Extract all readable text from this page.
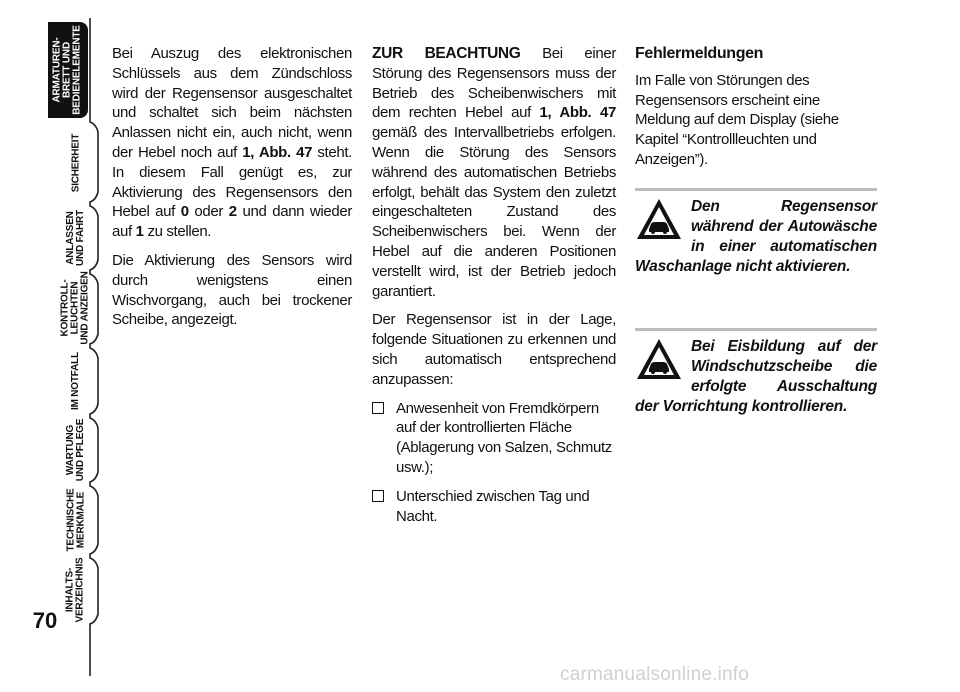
ARMATUREN-
BRETT UND
BEDIENELEMENTE
SICHERHEIT
ANLASSEN
UND FAHRT
KONTROLL-
LEUCHTEN
UND ANZEIGEN
IM NOTFALL
WARTUNG
UND PFLEGE
TECHNISCHE
MERKMALE
INHALTS-
VERZEICHNIS
70

Bei Auszug des elektronischen Schlüssels aus dem Zündschloss wird der Regensensor ausgeschaltet und schaltet sich beim nächsten Anlassen nicht ein, auch nicht, wenn der Hebel noch auf 1, Abb. 47 steht. In diesem Fall genügt es, zur Aktivierung des Regensensors den Hebel auf 0 oder 2 und dann wieder auf 1 zu stellen.

Die Aktivierung des Sensors wird durch wenigstens einen Wischvorgang, auch bei trockener Scheibe, angezeigt.

ZUR BEACHTUNG Bei einer Störung des Regensensors muss der Betrieb des Scheibenwischers mit dem rechten Hebel auf 1, Abb. 47 gemäß des Intervallbetriebs erfolgen. Wenn die Störung des Sensors während des automatischen Betriebs erfolgt, behält das System den zuletzt eingeschalteten Zustand des Scheibenwischers bei. Wenn der Hebel auf die anderen Positionen verstellt wird, ist der Betrieb jedoch garantiert.

Der Regensensor ist in der Lage, folgende Situationen zu erkennen und sich automatisch entsprechend anzupassen:

Anwesenheit von Fremdkörpern auf der kontrollierten Fläche (Ablagerung von Salzen, Schmutz usw.);
Unterschied zwischen Tag und Nacht.
Fehlermeldungen

Im Falle von Störungen des Regensensors erscheint eine Meldung auf dem Display (siehe Kapitel “Kontrollleuchten und Anzeigen”).

Den Regensensor während der Autowäsche in einer automatischen Waschanlage nicht aktivieren.
Bei Eisbildung auf der Windschutzscheibe die erfolgte Ausschaltung der Vorrichtung kontrollieren.
carmanualsonline.info
